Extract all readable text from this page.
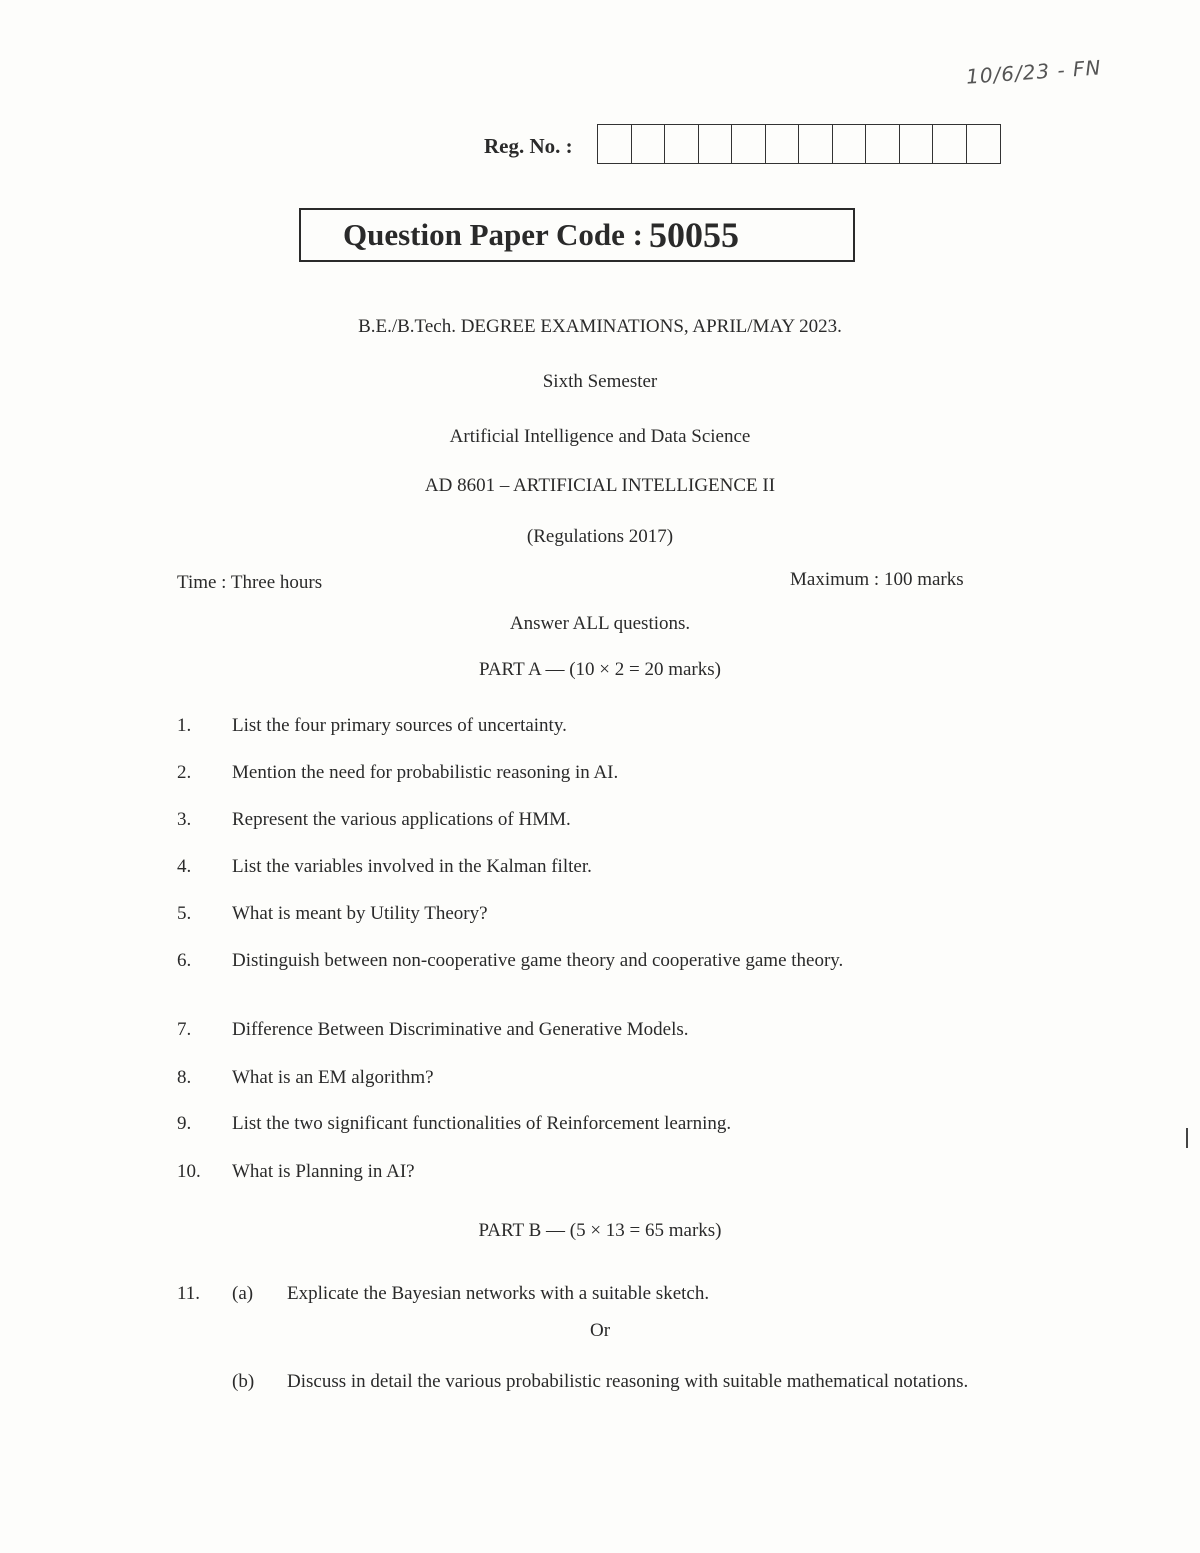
10/6/23 - FN
Reg. No. :
Question Paper Code : 50055
B.E./B.Tech. DEGREE EXAMINATIONS, APRIL/MAY 2023.
Sixth Semester
Artificial Intelligence and Data Science
AD 8601 – ARTIFICIAL INTELLIGENCE II
(Regulations 2017)
Time : Three hours	Maximum : 100 marks
Answer ALL questions.
PART A — (10 × 2 = 20 marks)
1.	List the four primary sources of uncertainty.
2.	Mention the need for probabilistic reasoning in AI.
3.	Represent the various applications of HMM.
4.	List the variables involved in the Kalman filter.
5.	What is meant by Utility Theory?
6.	Distinguish between non-cooperative game theory and cooperative game theory.
7.	Difference Between Discriminative and Generative Models.
8.	What is an EM algorithm?
9.	List the two significant functionalities of Reinforcement learning.
10.	What is Planning in AI?
PART B — (5 × 13 = 65 marks)
11.	(a)	Explicate the Bayesian networks with a suitable sketch.
Or
(b)	Discuss in detail the various probabilistic reasoning with suitable mathematical notations.
